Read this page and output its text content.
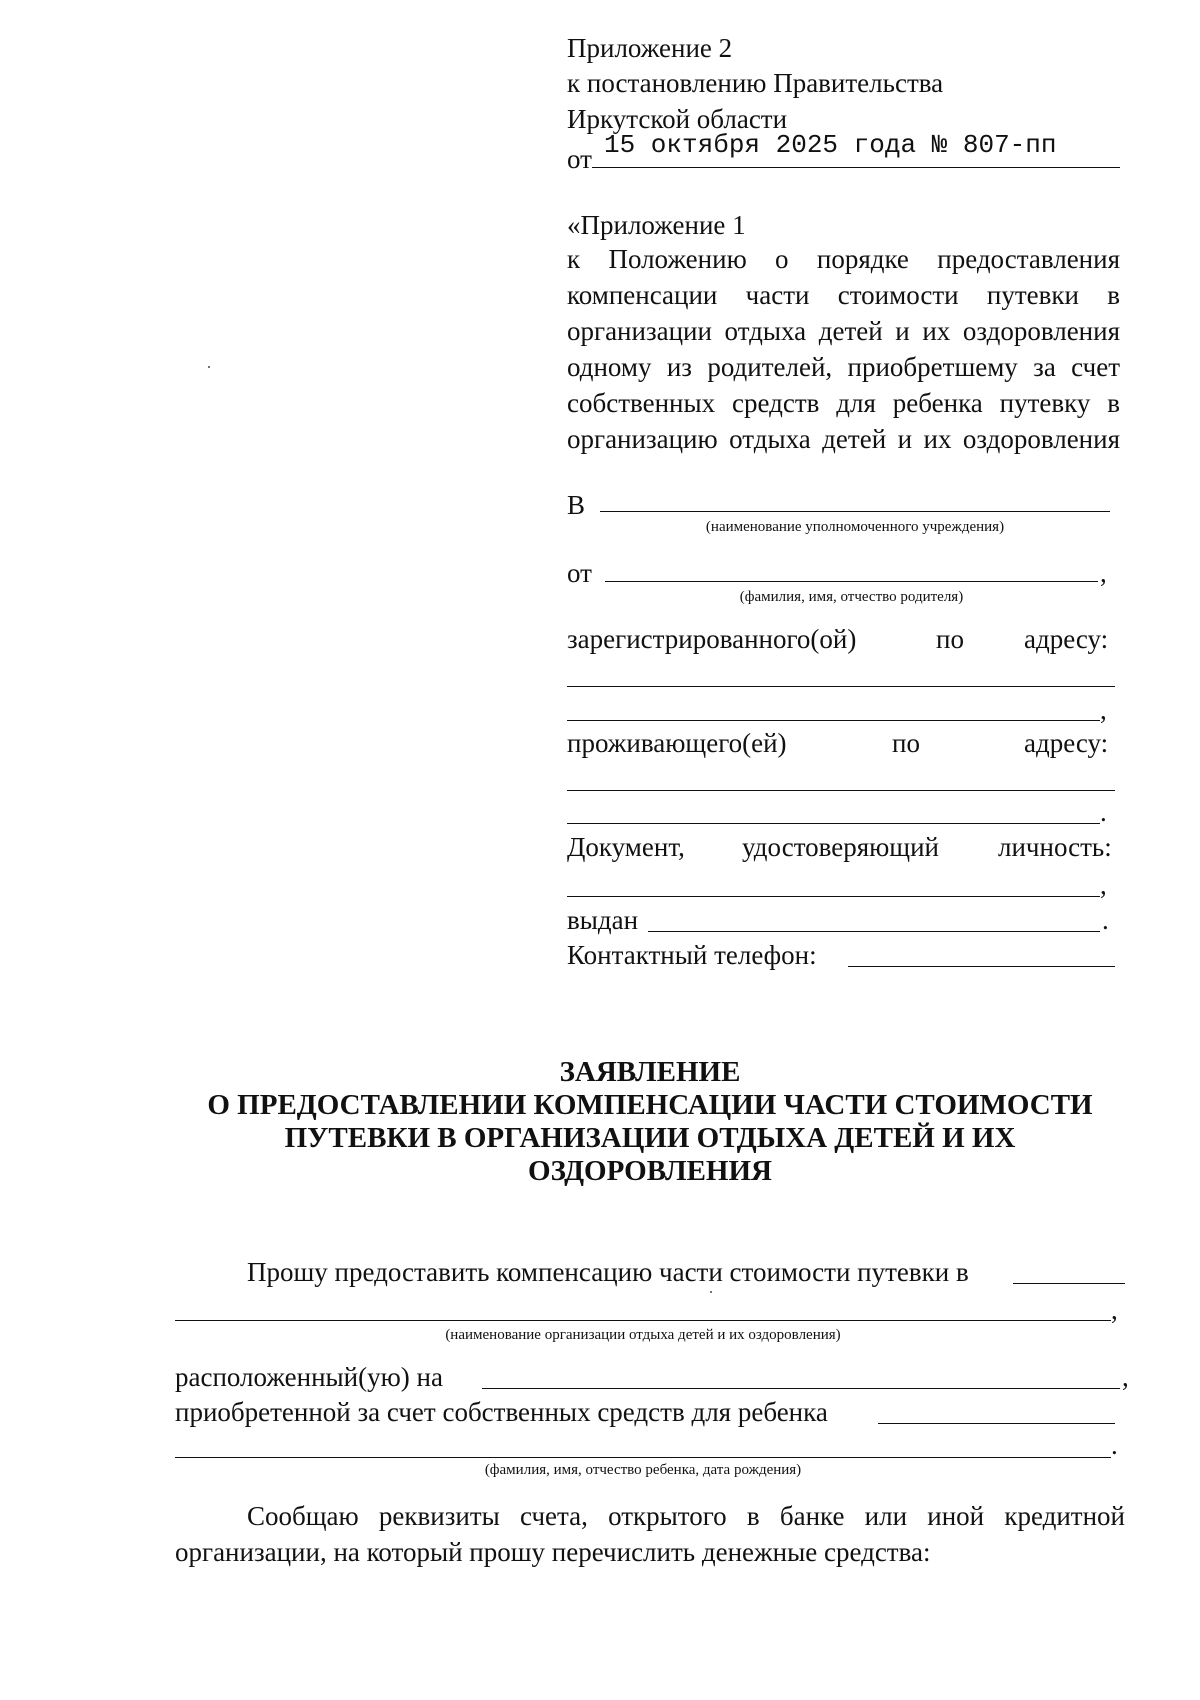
Приложение 2
к постановлению Правительства
Иркутской области
от 15 октября 2025 года № 807-пп
«Приложение 1
к Положению о порядке предоставления
компенсации части стоимости путевки в
организации отдыха детей и их оздоровления
одному из родителей, приобретшему за счет
собственных средств для ребенка путевку в
организацию отдыха детей и их оздоровления
В
(наименование уполномоченного учреждения)
от	,
(фамилия, имя, отчество родителя)
зарегистрированного(ой)	по адресу:
,
проживающего(ей)	по	адресу:
.
Документ, удостоверяющий личность:
,
выдан	.
Контактный телефон:
ЗАЯВЛЕНИЕ
О ПРЕДОСТАВЛЕНИИ КОМПЕНСАЦИИ ЧАСТИ СТОИМОСТИ
ПУТЕВКИ В ОРГАНИЗАЦИИ ОТДЫХА ДЕТЕЙ И ИХ
ОЗДОРОВЛЕНИЯ
Прошу предоставить компенсацию части стоимости путевки в
,
(наименование организации отдыха детей и их оздоровления)
расположенный(ую) на	,
приобретенной за счет собственных средств для ребенка
.
(фамилия, имя, отчество ребенка, дата рождения)
Сообщаю реквизиты счета, открытого в банке или иной кредитной
организации, на который прошу перечислить денежные средства:
